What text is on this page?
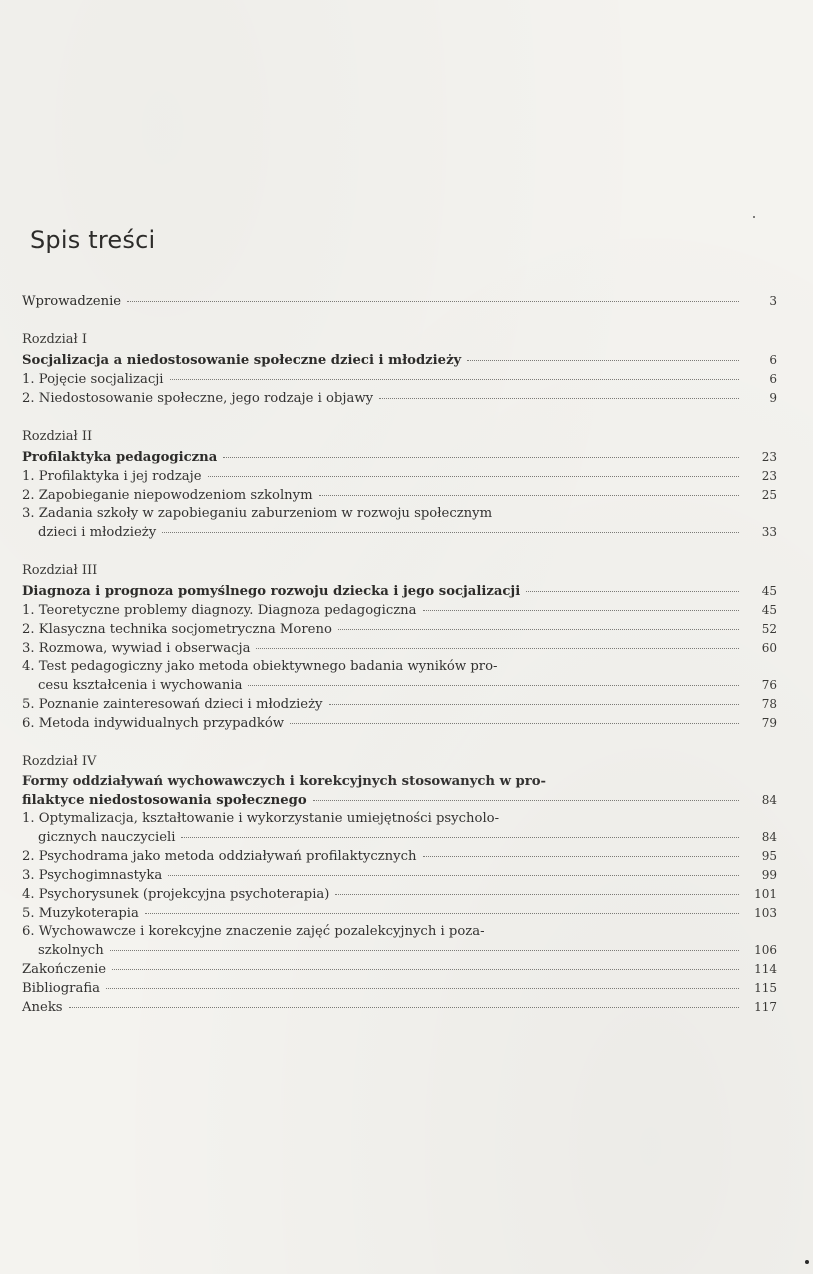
Spis treści
Wprowadzenie	3
Rozdział I
Socjalizacja a niedostosowanie społeczne dzieci i młodzieży	6
1. Pojęcie socjalizacji	6
2. Niedostosowanie społeczne, jego rodzaje i objawy	9
Rozdział II
Profilaktyka pedagogiczna	23
1. Profilaktyka i jej rodzaje	23
2. Zapobieganie niepowodzeniom szkolnym	25
3. Zadania szkoły w zapobieganiu zaburzeniom w rozwoju społecznym
dzieci i młodzieży	33
Rozdział III
Diagnoza i prognoza pomyślnego rozwoju dziecka i jego socjalizacji	45
1. Teoretyczne problemy diagnozy. Diagnoza pedagogiczna	45
2. Klasyczna technika socjometryczna Moreno	52
3. Rozmowa, wywiad i obserwacja	60
4. Test pedagogiczny jako metoda obiektywnego badania wyników pro-
cesu kształcenia i wychowania	76
5. Poznanie zainteresowań dzieci i młodzieży	78
6. Metoda indywidualnych przypadków	79
Rozdział IV
Formy oddziaływań wychowawczych i korekcyjnych stosowanych w pro-
filaktyce niedostosowania społecznego	84
1. Optymalizacja, kształtowanie i wykorzystanie umiejętności psycholo-
gicznych nauczycieli	84
2. Psychodrama jako metoda oddziaływań profilaktycznych	95
3. Psychogimnastyka	99
4. Psychorysunek (projekcyjna psychoterapia)	101
5. Muzykoterapia	103
6. Wychowawcze i korekcyjne znaczenie zajęć pozalekcyjnych i poza-
szkolnych	106
Zakończenie	114
Bibliografia	115
Aneks	117
